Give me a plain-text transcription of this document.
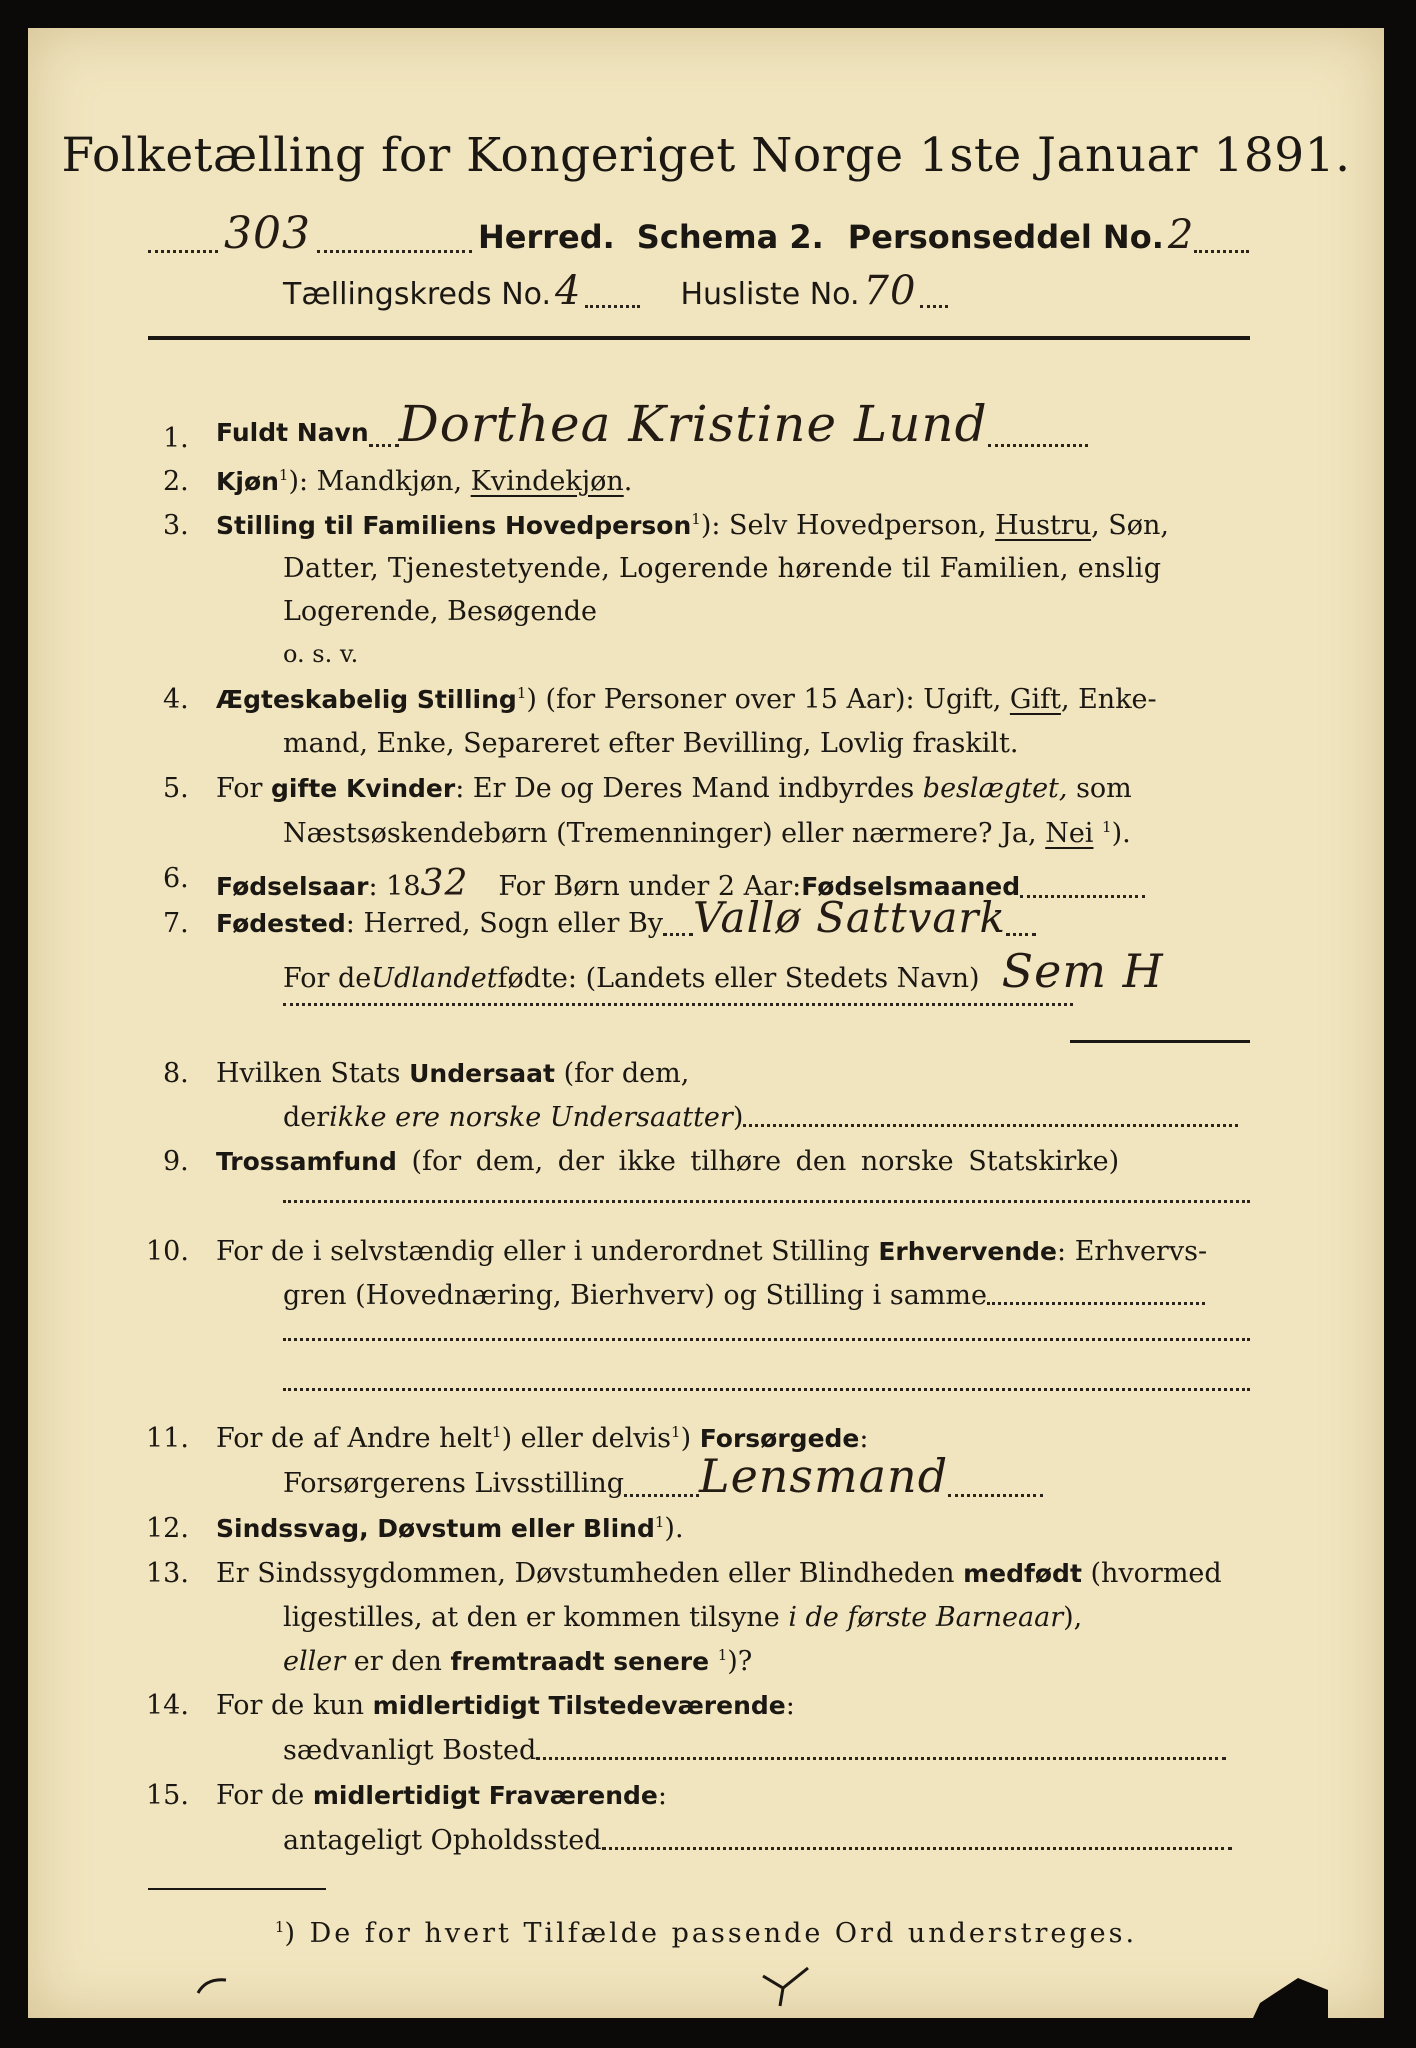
Folketælling for Kongeriget Norge 1ste Januar 1891.
303	Herred. Schema 2. Personseddel No. 2
Tællingskreds No. 4	Husliste No. 70
1. Fuldt Navn Dorthea Kristine Lund
2. Kjøn$^1$): Mandkjøn, Kvindekjøn.
3. Stilling til Familiens Hovedperson$^1$): Selv Hovedperson, Hustru, Søn,
Datter, Tjenestetyende, Logerende hørende til Familien, enslig
Logerende, Besøgende
o. s. v.
4. Ægteskabelig Stilling$^1$) (for Personer over 15 Aar): Ugift, Gift, Enke-
mand, Enke, Separeret efter Bevilling, Lovlig fraskilt.
5. For gifte Kvinder: Er De og Deres Mand indbyrdes beslægtet, som
Næstsøskendebørn (Tremenninger) eller nærmere? Ja, Nei $^1$).
6. Fødselsaar : 18 32 For Børn under 2 Aar: Fødselsmaaned
7. Fødested : Herred, Sogn eller By Vallø Sattvark
For de Udlandet fødte: (Landets eller Stedets Navn) Sem H
8. Hvilken Stats Undersaat (for dem,
der ikke ere norske Undersaatter )
9. Trossamfund (for dem, der ikke tilhøre den norske Statskirke)
10. For de i selvstændig eller i underordnet Stilling Erhvervende: Erhvervs-
gren (Hovednæring, Bierhverv) og Stilling i samme
11. For de af Andre helt$^1$) eller delvis$^1$) Forsørgede:
Forsørgerens Livsstilling Lensmand
12. Sindssvag, Døvstum eller Blind$^1$).
13. Er Sindssygdommen, Døvstumheden eller Blindheden medfødt (hvormed
ligestilles, at den er kommen tilsyne i de første Barneaar),
eller er den fremtraadt senere $^1$)?
14. For de kun midlertidigt Tilstedeværende:
sædvanligt Bosted
15. For de midlertidigt Fraværende:
antageligt Opholdssted
$^1$) De for hvert Tilfælde passende Ord understreges.
